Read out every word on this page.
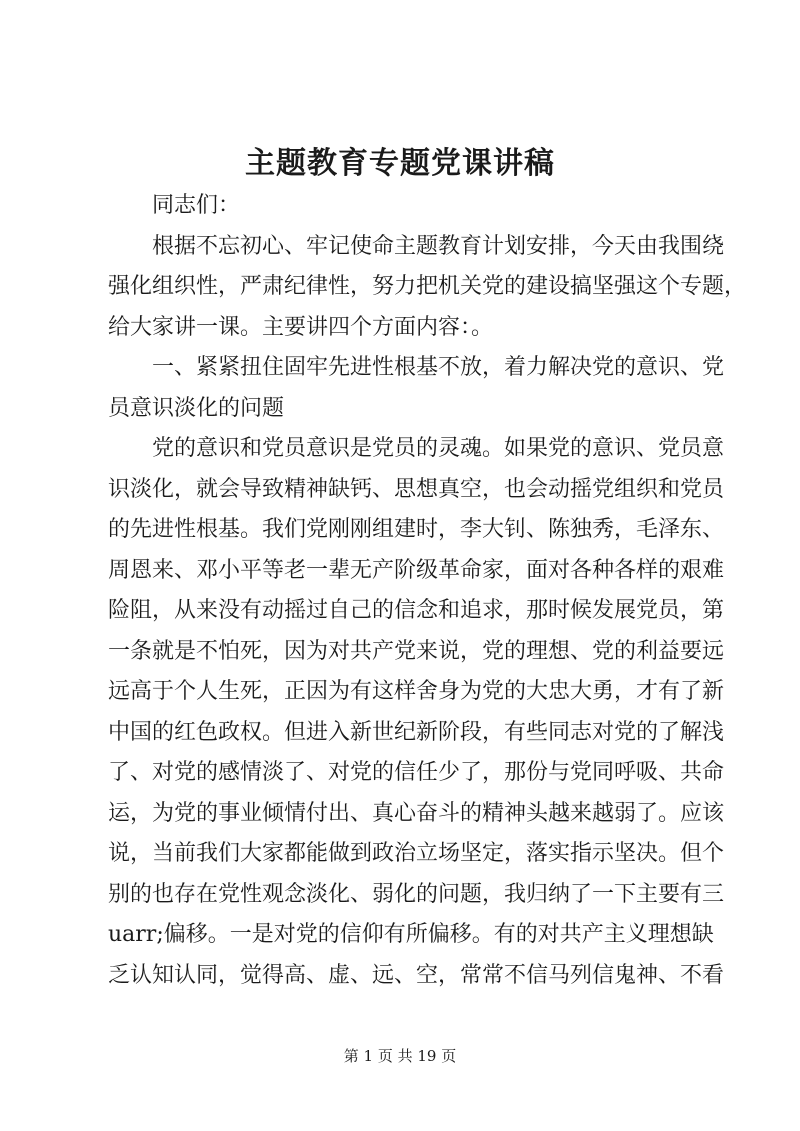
主题教育专题党课讲稿
同志们：
根据不忘初心、牢记使命主题教育计划安排，今天由我围绕
强化组织性，严肃纪律性，努力把机关党的建设搞坚强这个专题，
给大家讲一课。主要讲四个方面内容：。
一、紧紧扭住固牢先进性根基不放，着力解决党的意识、党
员意识淡化的问题
党的意识和党员意识是党员的灵魂。如果党的意识、党员意
识淡化，就会导致精神缺钙、思想真空，也会动摇党组织和党员
的先进性根基。我们党刚刚组建时，李大钊、陈独秀，毛泽东、
周恩来、邓小平等老一辈无产阶级革命家，面对各种各样的艰难
险阻，从来没有动摇过自己的信念和追求，那时候发展党员，第
一条就是不怕死，因为对共产党来说，党的理想、党的利益要远
远高于个人生死，正因为有这样舍身为党的大忠大勇，才有了新
中国的红色政权。但进入新世纪新阶段，有些同志对党的了解浅
了、对党的感情淡了、对党的信任少了，那份与党同呼吸、共命
运，为党的事业倾情付出、真心奋斗的精神头越来越弱了。应该
说，当前我们大家都能做到政治立场坚定，落实指示坚决。但个
别的也存在党性观念淡化、弱化的问题，我归纳了一下主要有三
uarr;偏移。一是对党的信仰有所偏移。有的对共产主义理想缺
乏认知认同，觉得高、虚、远、空，常常不信马列信鬼神、不看
第 1 页 共 19 页
